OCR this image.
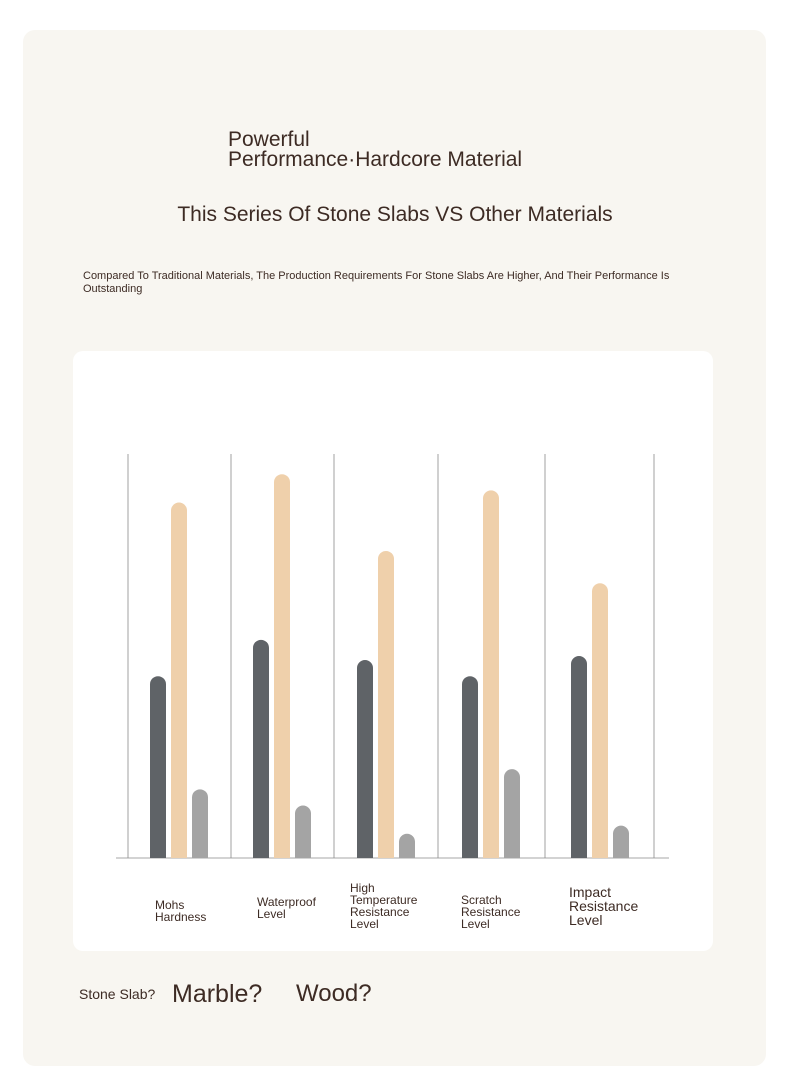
Powerful
Performance·Hardcore Material
This Series Of Stone Slabs VS Other Materials

Compared To Traditional Materials, The Production Requirements For Stone Slabs Are Higher, And Their Performance Is Outstanding

Mohs
Hardness
Waterproof
Level
High
Temperature
Resistance
Level
Scratch
Resistance
Level
Impact
Resistance
Level
Stone Slab? Marble? Wood?
